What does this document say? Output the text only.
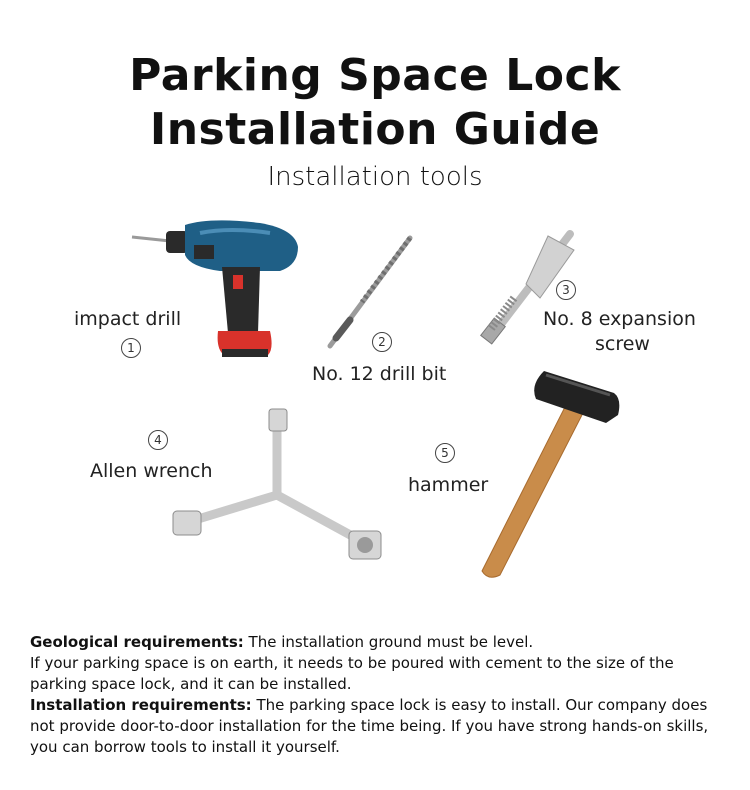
Parking Space Lock
Installation Guide
Installation tools
impact drill
1	2
No. 12 drill bit
3
No. 8 expansion
screw
4
Allen wrench
5
hammer

Geological requirements: The installation ground must be level.

If your parking space is on earth, it needs to be poured with cement to the size of the parking space lock, and it can be installed.

Installation requirements: The parking space lock is easy to install. Our company does not provide door-to-door installation for the time being. If you have strong hands-on skills, you can borrow tools to install it yourself.
